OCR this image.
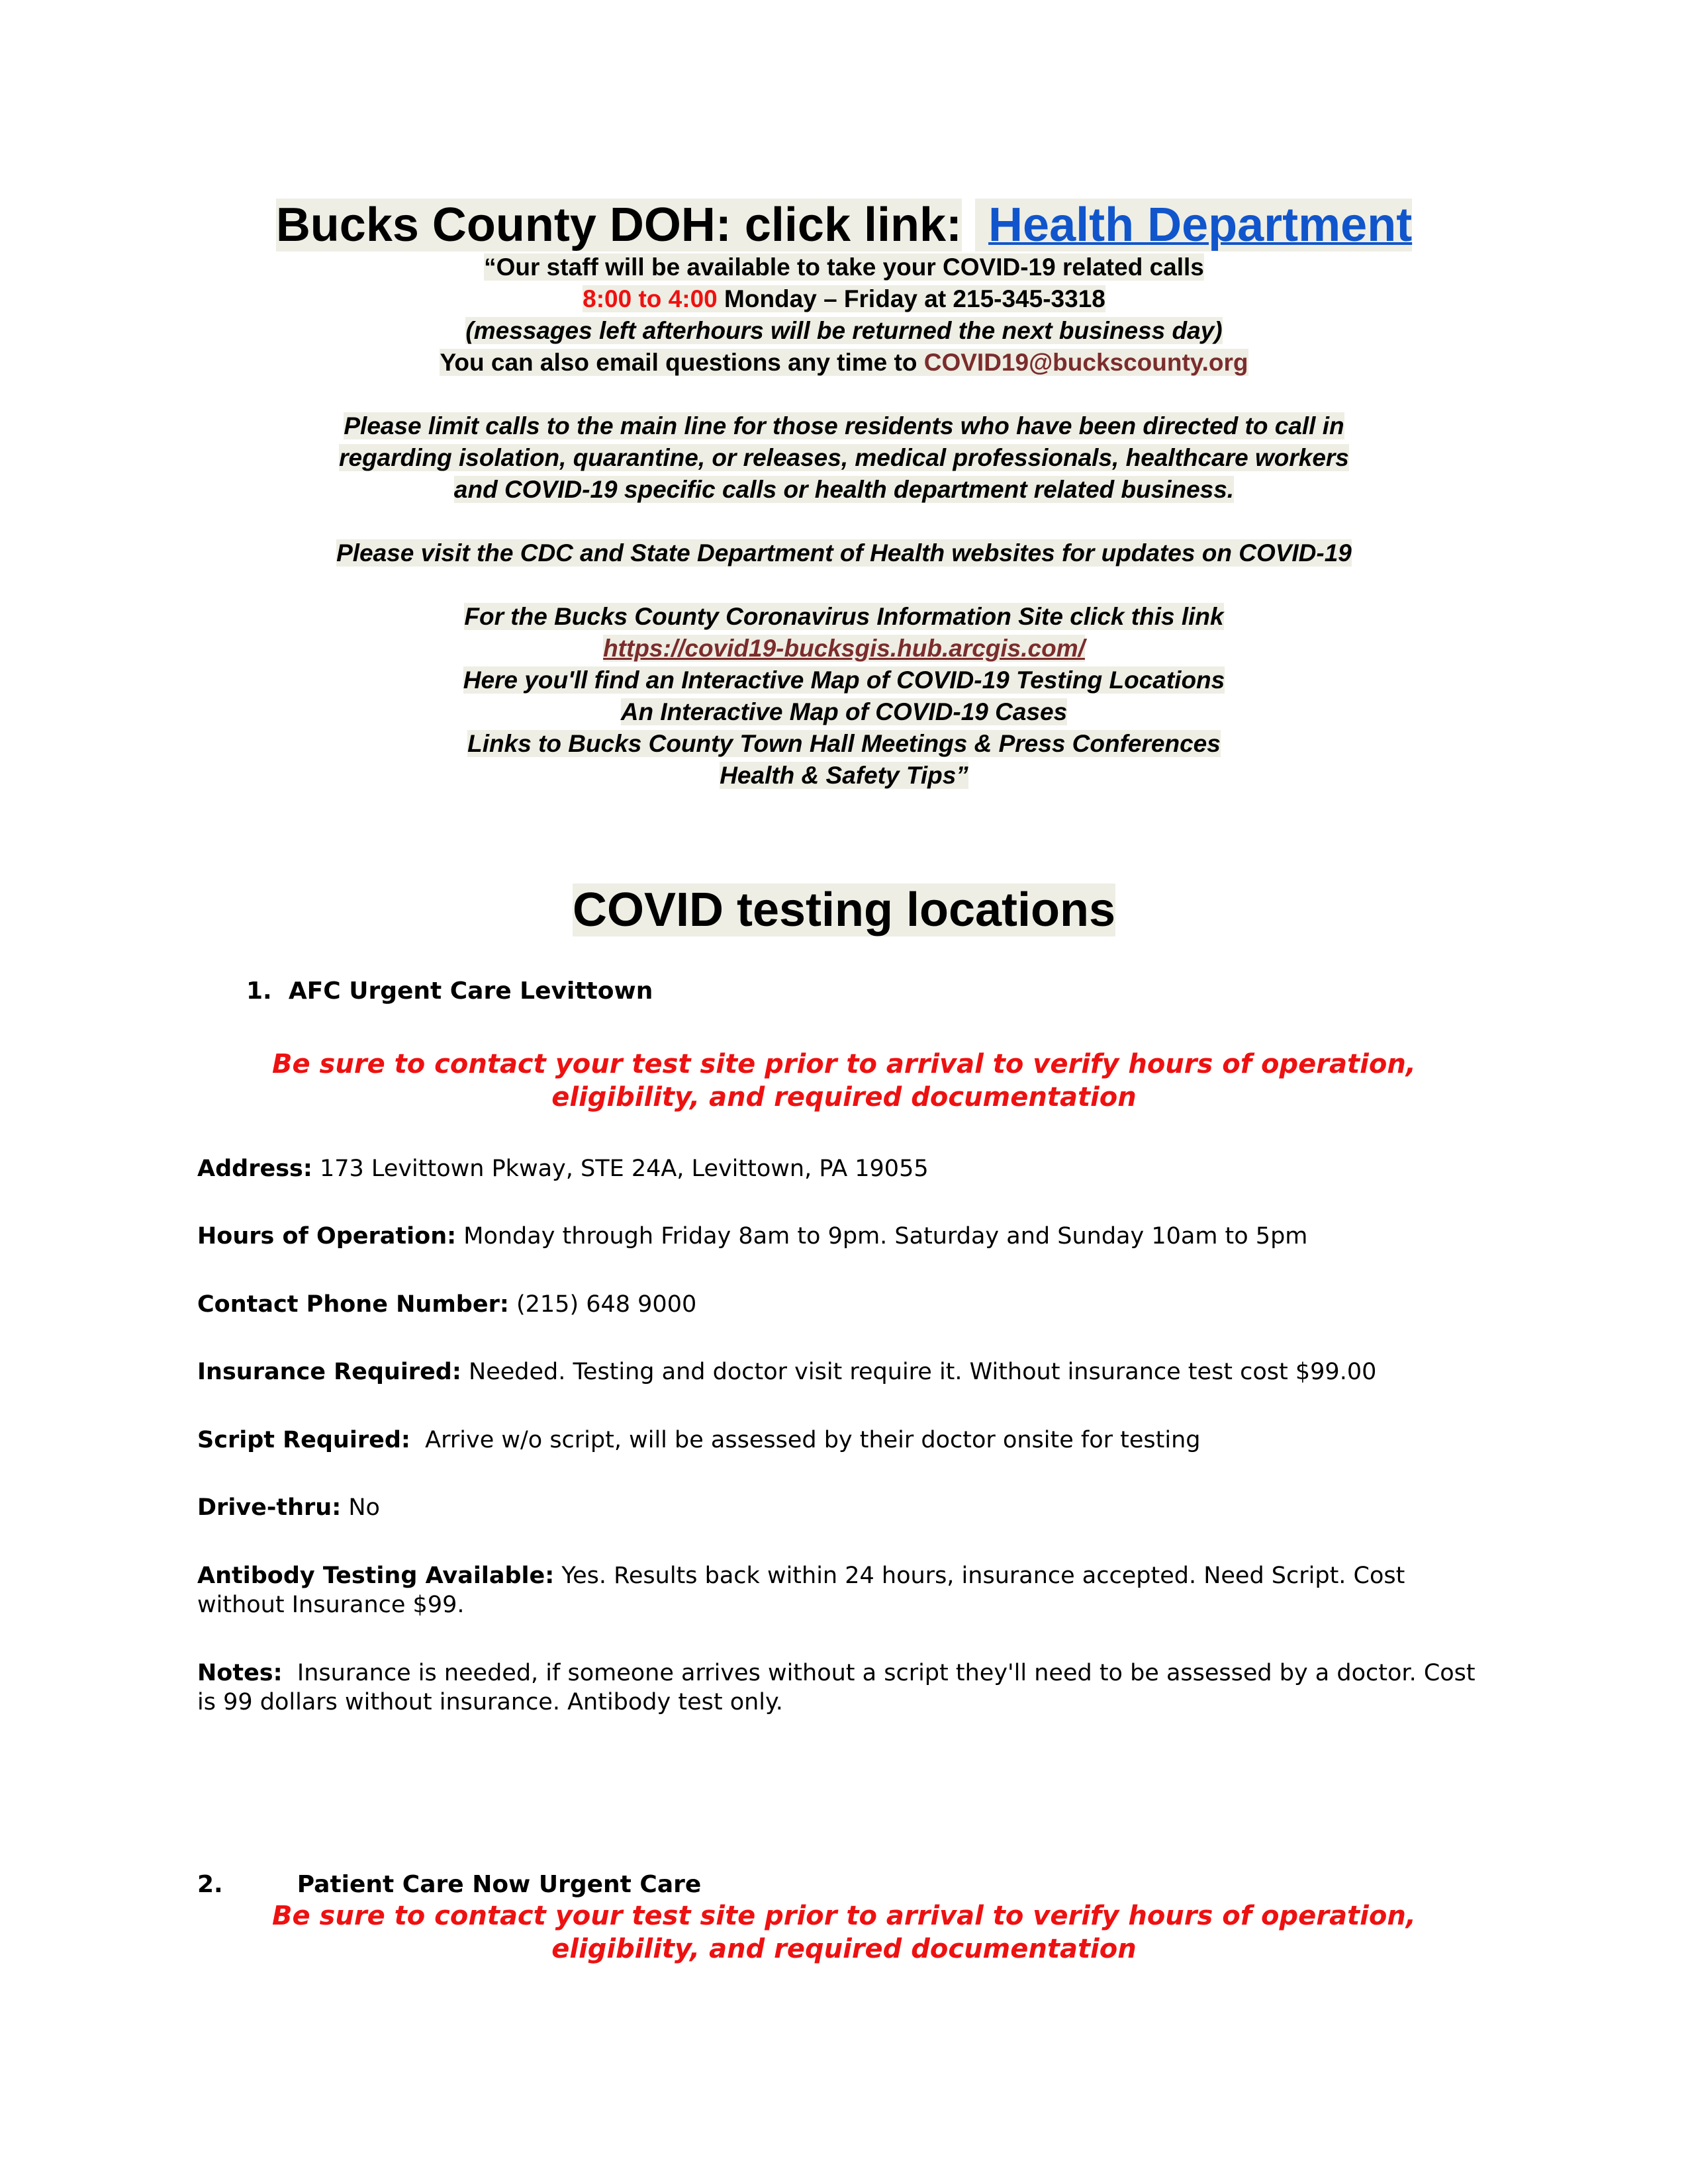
Bucks County DOH: click link: Health Department

“Our staff will be available to take your COVID-19 related calls

8:00 to 4:00 Monday – Friday at 215-345-3318

(messages left afterhours will be returned the next business day)

You can also email questions any time to COVID19@buckscounty.org

Please limit calls to the main line for those residents who have been directed to call in

regarding isolation, quarantine, or releases, medical professionals, healthcare workers

and COVID-19 specific calls or health department related business.

Please visit the CDC and State Department of Health websites for updates on COVID-19

For the Bucks County Coronavirus Information Site click this link

https://covid19-bucksgis.hub.arcgis.com/

Here you'll find an Interactive Map of COVID-19 Testing Locations

An Interactive Map of COVID-19 Cases

Links to Bucks County Town Hall Meetings & Press Conferences

Health & Safety Tips”

COVID testing locations
1. AFC Urgent Care Levittown
Be sure to contact your test site prior to arrival to verify hours of operation,
eligibility, and required documentation
Address: 173 Levittown Pkway, STE 24A, Levittown, PA 19055
Hours of Operation: Monday through Friday 8am to 9pm. Saturday and Sunday 10am to 5pm
Contact Phone Number: (215) 648 9000
Insurance Required: Needed. Testing and doctor visit require it. Without insurance test cost $99.00
Script Required: Arrive w/o script, will be assessed by their doctor onsite for testing
Drive-thru: No
Antibody Testing Available: Yes. Results back within 24 hours, insurance accepted. Need Script. Cost without Insurance $99.
Notes: Insurance is needed, if someone arrives without a script they'll need to be assessed by a doctor. Cost is 99 dollars without insurance. Antibody test only.
2.	Patient Care Now Urgent Care
Be sure to contact your test site prior to arrival to verify hours of operation,
eligibility, and required documentation
